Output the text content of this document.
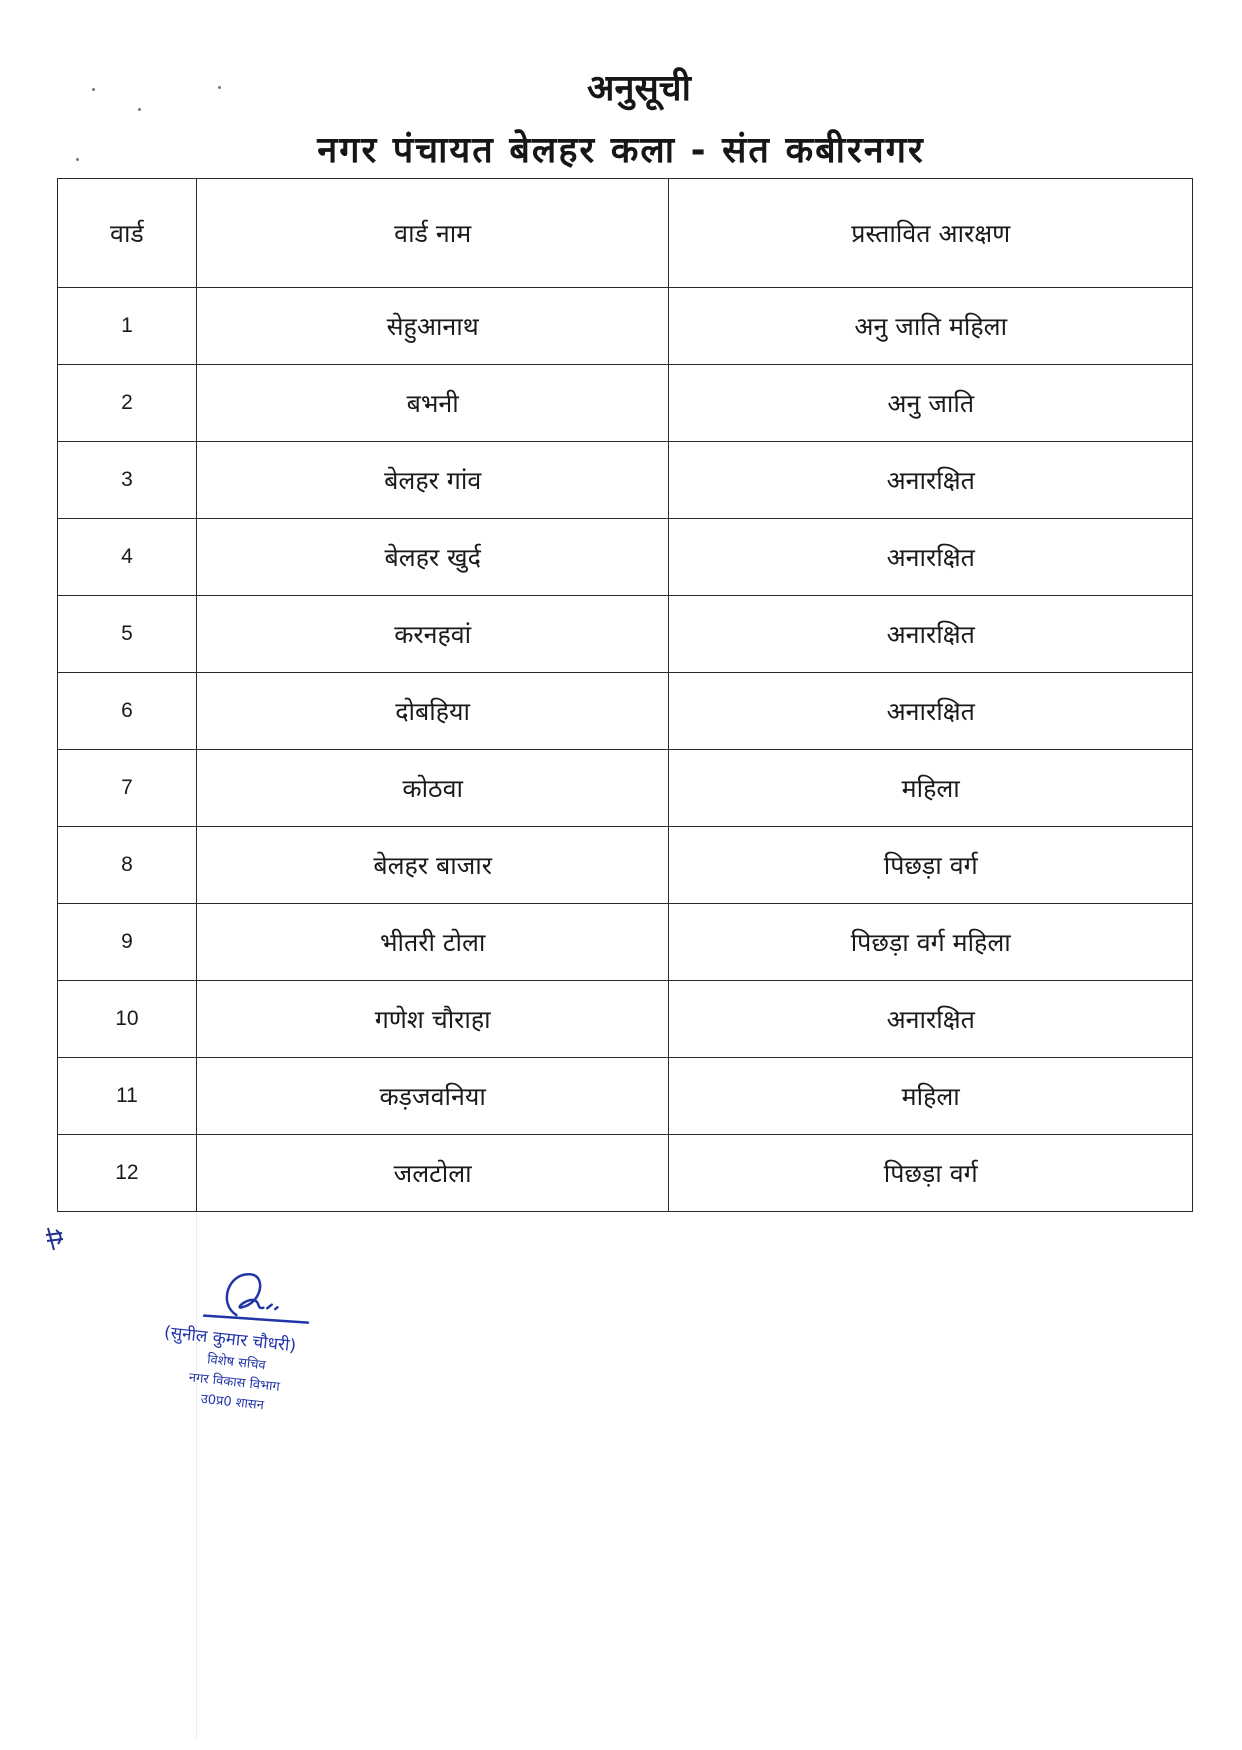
अनुसूची
नगर पंचायत बेलहर कला - संत कबीरनगर
वार्ड	वार्ड नाम	प्रस्तावित आरक्षण
1	सेहुआनाथ	अनु जाति महिला
2	बभनी	अनु जाति
3	बेलहर गांव	अनारक्षित
4	बेलहर खुर्द	अनारक्षित
5	करनहवां	अनारक्षित
6	दोबहिया	अनारक्षित
7	कोठवा	महिला
8	बेलहर बाजार	पिछड़ा वर्ग
9	भीतरी टोला	पिछड़ा वर्ग महिला
10	गणेश चौराहा	अनारक्षित
11	कड़जवनिया	महिला
12	जलटोला	पिछड़ा वर्ग
(सुनील कुमार चौधरी)
विशेष सचिव
नगर विकास विभाग
उ0प्र0 शासन
